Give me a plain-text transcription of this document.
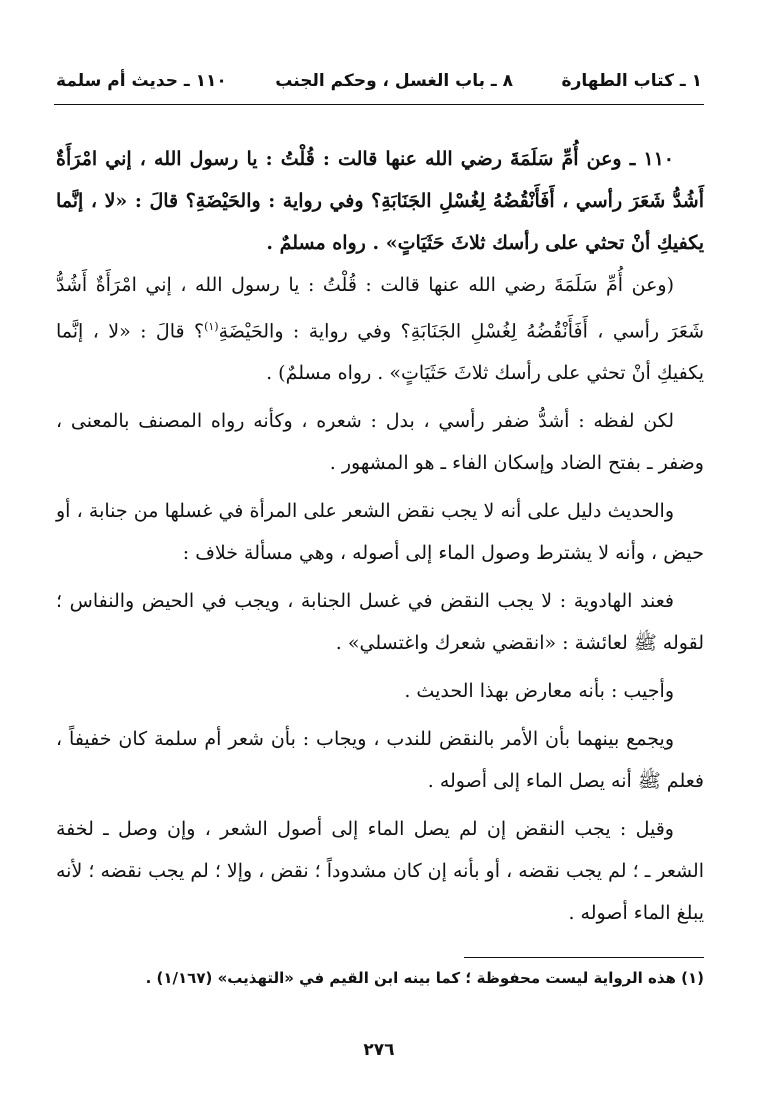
١ ـ كتاب الطهارة
٨ ـ باب الغسل ، وحكم الجنب
١١٠ ـ حديث أم سلمة

١١٠ ـ وعن أُمِّ سَلَمَةَ رضي الله عنها قالت : قُلْتُ : يا رسول الله ، إني امْرَأَةٌ أَشُدُّ شَعَرَ رأسي ، أَفَأَنْقُضُهُ لِغُسْلِ الجَنَابَةِ؟ وفي رواية : والحَيْضَةِ؟ قالَ : «لا ، إنَّما يكفيكِ أنْ تحثي على رأسك ثلاثَ حَثَيَاتٍ» . رواه مسلمٌ .

(وعن أُمِّ سَلَمَةَ رضي الله عنها قالت : قُلْتُ : يا رسول الله ، إني امْرَأَةٌ أَشُدُّ شَعَرَ رأسي ، أَفَأَنْقُضُهُ لِغُسْلِ الجَنَابَةِ؟ وفي رواية : والحَيْضَةِ$^{(١)}$؟ قالَ : «لا ، إنَّما يكفيكِ أنْ تحثي على رأسك ثلاثَ حَثَيَاتٍ» . رواه مسلمٌ) .

لكن لفظه : أشدُّ ضفر رأسي ، بدل : شعره ، وكأنه رواه المصنف بالمعنى ، وضفر ـ بفتح الضاد وإسكان الفاء ـ هو المشهور .

والحديث دليل على أنه لا يجب نقض الشعر على المرأة في غسلها من جنابة ، أو حيض ، وأنه لا يشترط وصول الماء إلى أصوله ، وهي مسألة خلاف :

فعند الهادوية : لا يجب النقض في غسل الجنابة ، ويجب في الحيض والنفاس ؛ لقوله ﷺ لعائشة : «انقضي شعرك واغتسلي» .

وأجيب : بأنه معارض بهذا الحديث .

ويجمع بينهما بأن الأمر بالنقض للندب ، ويجاب : بأن شعر أم سلمة كان خفيفاً ، فعلم ﷺ أنه يصل الماء إلى أصوله .

وقيل : يجب النقض إن لم يصل الماء إلى أصول الشعر ، وإن وصل ـ لخفة الشعر ـ ؛ لم يجب نقضه ، أو بأنه إن كان مشدوداً ؛ نقض ، وإلا ؛ لم يجب نقضه ؛ لأنه يبلغ الماء أصوله .

(١) هذه الرواية ليست محفوظة ؛ كما بينه ابن القيم في «التهذيب» (١/١٦٧) .
٢٧٦
